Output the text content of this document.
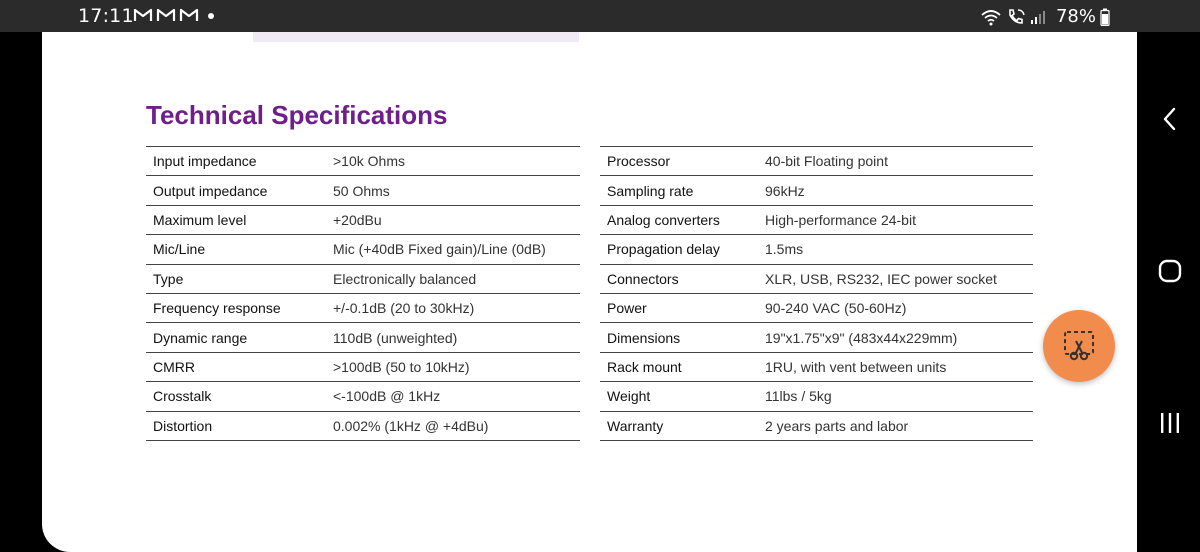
17:11	78%
Technical Specifications
Input impedance	>10k Ohms
Output impedance	50 Ohms
Maximum level	+20dBu
Mic/Line	Mic (+40dB Fixed gain)/Line (0dB)
Type	Electronically balanced
Frequency response	+/-0.1dB (20 to 30kHz)
Dynamic range	110dB (unweighted)
CMRR	>100dB (50 to 10kHz)
Crosstalk	<-100dB @ 1kHz
Distortion	0.002% (1kHz @ +4dBu)
Processor	40-bit Floating point
Sampling rate	96kHz
Analog converters	High-performance 24-bit
Propagation delay	1.5ms
Connectors	XLR, USB, RS232, IEC power socket
Power	90-240 VAC (50-60Hz)
Dimensions	19"x1.75"x9" (483x44x229mm)
Rack mount	1RU, with vent between units
Weight	11lbs / 5kg
Warranty	2 years parts and labor
